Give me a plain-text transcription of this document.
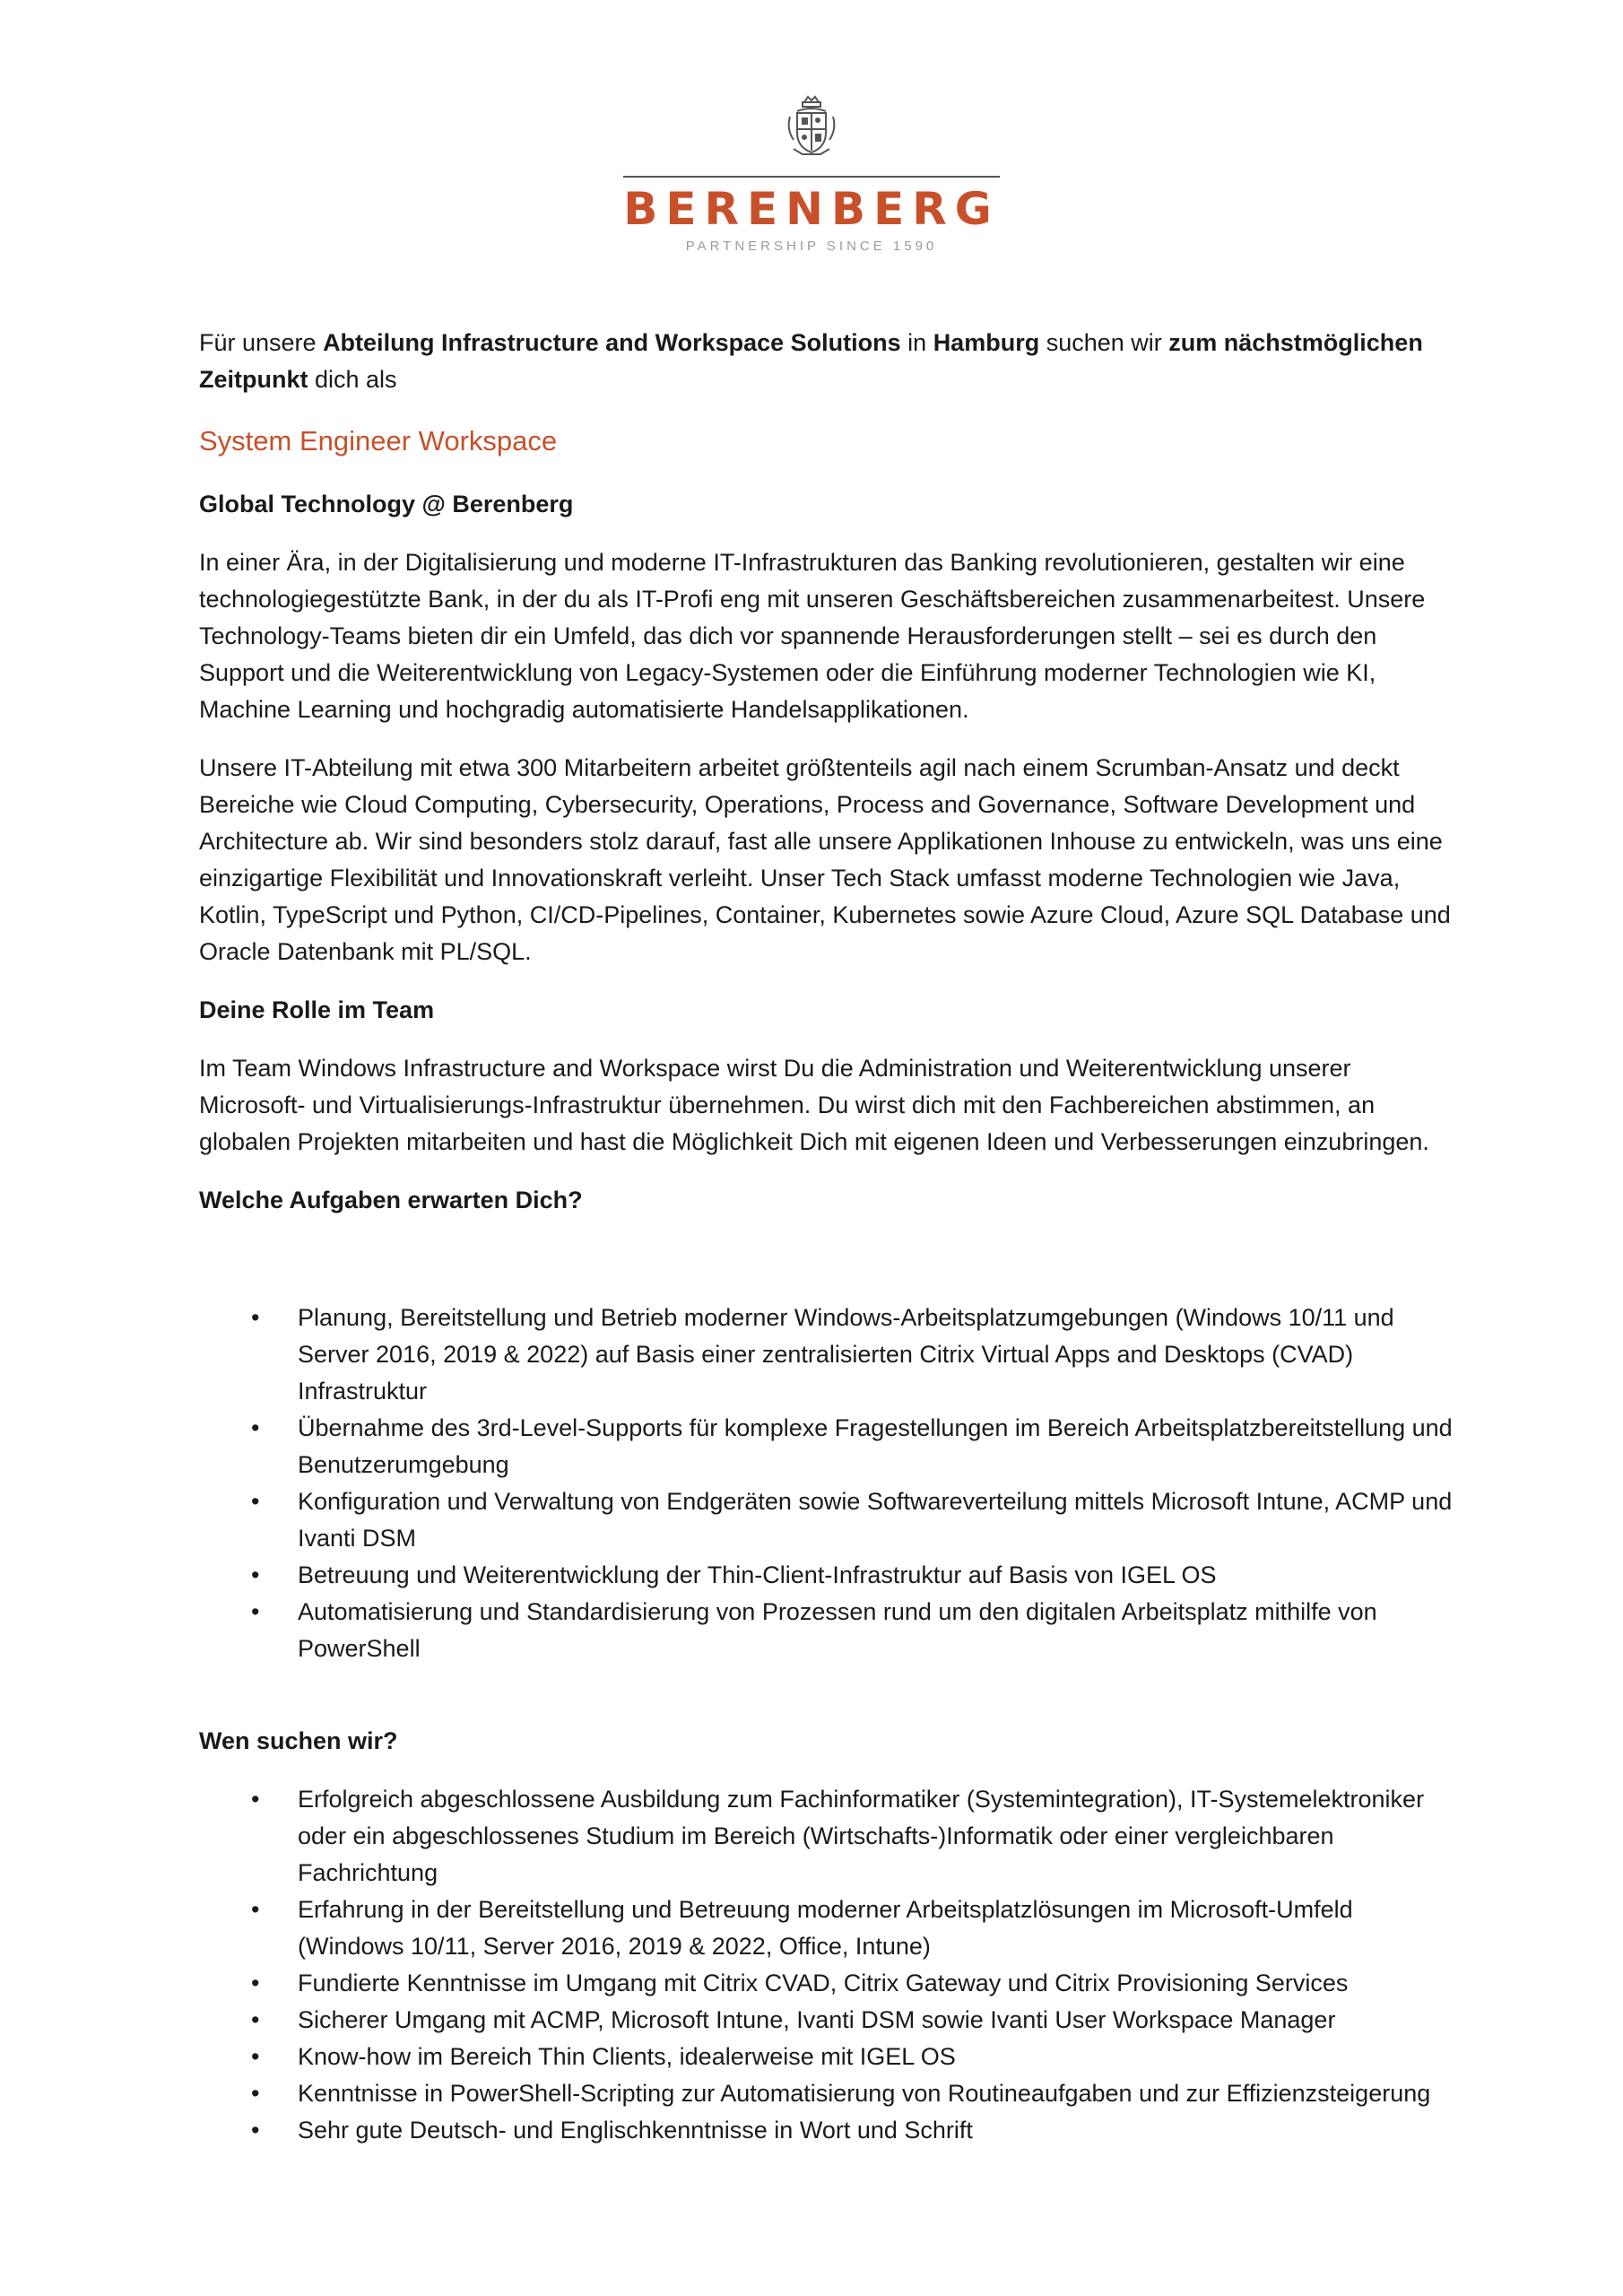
BERENBERG
PARTNERSHIP SINCE 1590

Für unsere Abteilung Infrastructure and Workspace Solutions in Hamburg suchen wir zum nächstmöglichen Zeitpunkt dich als

System Engineer Workspace

Global Technology @ Berenberg

In einer Ära, in der Digitalisierung und moderne IT-Infrastrukturen das Banking revolutionieren, gestalten wir eine technologiegestützte Bank, in der du als IT-Profi eng mit unseren Geschäftsbereichen zusammenarbeitest. Unsere Technology-Teams bieten dir ein Umfeld, das dich vor spannende Herausforderungen stellt – sei es durch den Support und die Weiterentwicklung von Legacy-Systemen oder die Einführung moderner Technologien wie KI, Machine Learning und hochgradig automatisierte Handelsapplikationen.

Unsere IT-Abteilung mit etwa 300 Mitarbeitern arbeitet größtenteils agil nach einem Scrumban-Ansatz und deckt Bereiche wie Cloud Computing, Cybersecurity, Operations, Process and Governance, Software Development und Architecture ab. Wir sind besonders stolz darauf, fast alle unsere Applikationen Inhouse zu entwickeln, was uns eine einzigartige Flexibilität und Innovationskraft verleiht. Unser Tech Stack umfasst moderne Technologien wie Java, Kotlin, TypeScript und Python, CI/CD-Pipelines, Container, Kubernetes sowie Azure Cloud, Azure SQL Database und Oracle Datenbank mit PL/SQL.

Deine Rolle im Team

Im Team Windows Infrastructure and Workspace wirst Du die Administration und Weiterentwicklung unserer Microsoft- und Virtualisierungs-Infrastruktur übernehmen. Du wirst dich mit den Fachbereichen abstimmen, an globalen Projekten mitarbeiten und hast die Möglichkeit Dich mit eigenen Ideen und Verbesserungen einzubringen.

Welche Aufgaben erwarten Dich?

• Planung, Bereitstellung und Betrieb moderner Windows-Arbeitsplatzumgebungen (Windows 10/11 und Server 2016, 2019 & 2022) auf Basis einer zentralisierten Citrix Virtual Apps and Desktops (CVAD) Infrastruktur
• Übernahme des 3rd-Level-Supports für komplexe Fragestellungen im Bereich Arbeitsplatzbereitstellung und Benutzerumgebung
• Konfiguration und Verwaltung von Endgeräten sowie Softwareverteilung mittels Microsoft Intune, ACMP und Ivanti DSM
• Betreuung und Weiterentwicklung der Thin-Client-Infrastruktur auf Basis von IGEL OS
• Automatisierung und Standardisierung von Prozessen rund um den digitalen Arbeitsplatz mithilfe von PowerShell

Wen suchen wir?

• Erfolgreich abgeschlossene Ausbildung zum Fachinformatiker (Systemintegration), IT-Systemelektroniker oder ein abgeschlossenes Studium im Bereich (Wirtschafts-)Informatik oder einer vergleichbaren Fachrichtung
• Erfahrung in der Bereitstellung und Betreuung moderner Arbeitsplatzlösungen im Microsoft-Umfeld (Windows 10/11, Server 2016, 2019 & 2022, Office, Intune)
• Fundierte Kenntnisse im Umgang mit Citrix CVAD, Citrix Gateway und Citrix Provisioning Services
• Sicherer Umgang mit ACMP, Microsoft Intune, Ivanti DSM sowie Ivanti User Workspace Manager
• Know-how im Bereich Thin Clients, idealerweise mit IGEL OS
• Kenntnisse in PowerShell-Scripting zur Automatisierung von Routineaufgaben und zur Effizienzsteigerung
• Sehr gute Deutsch- und Englischkenntnisse in Wort und Schrift
